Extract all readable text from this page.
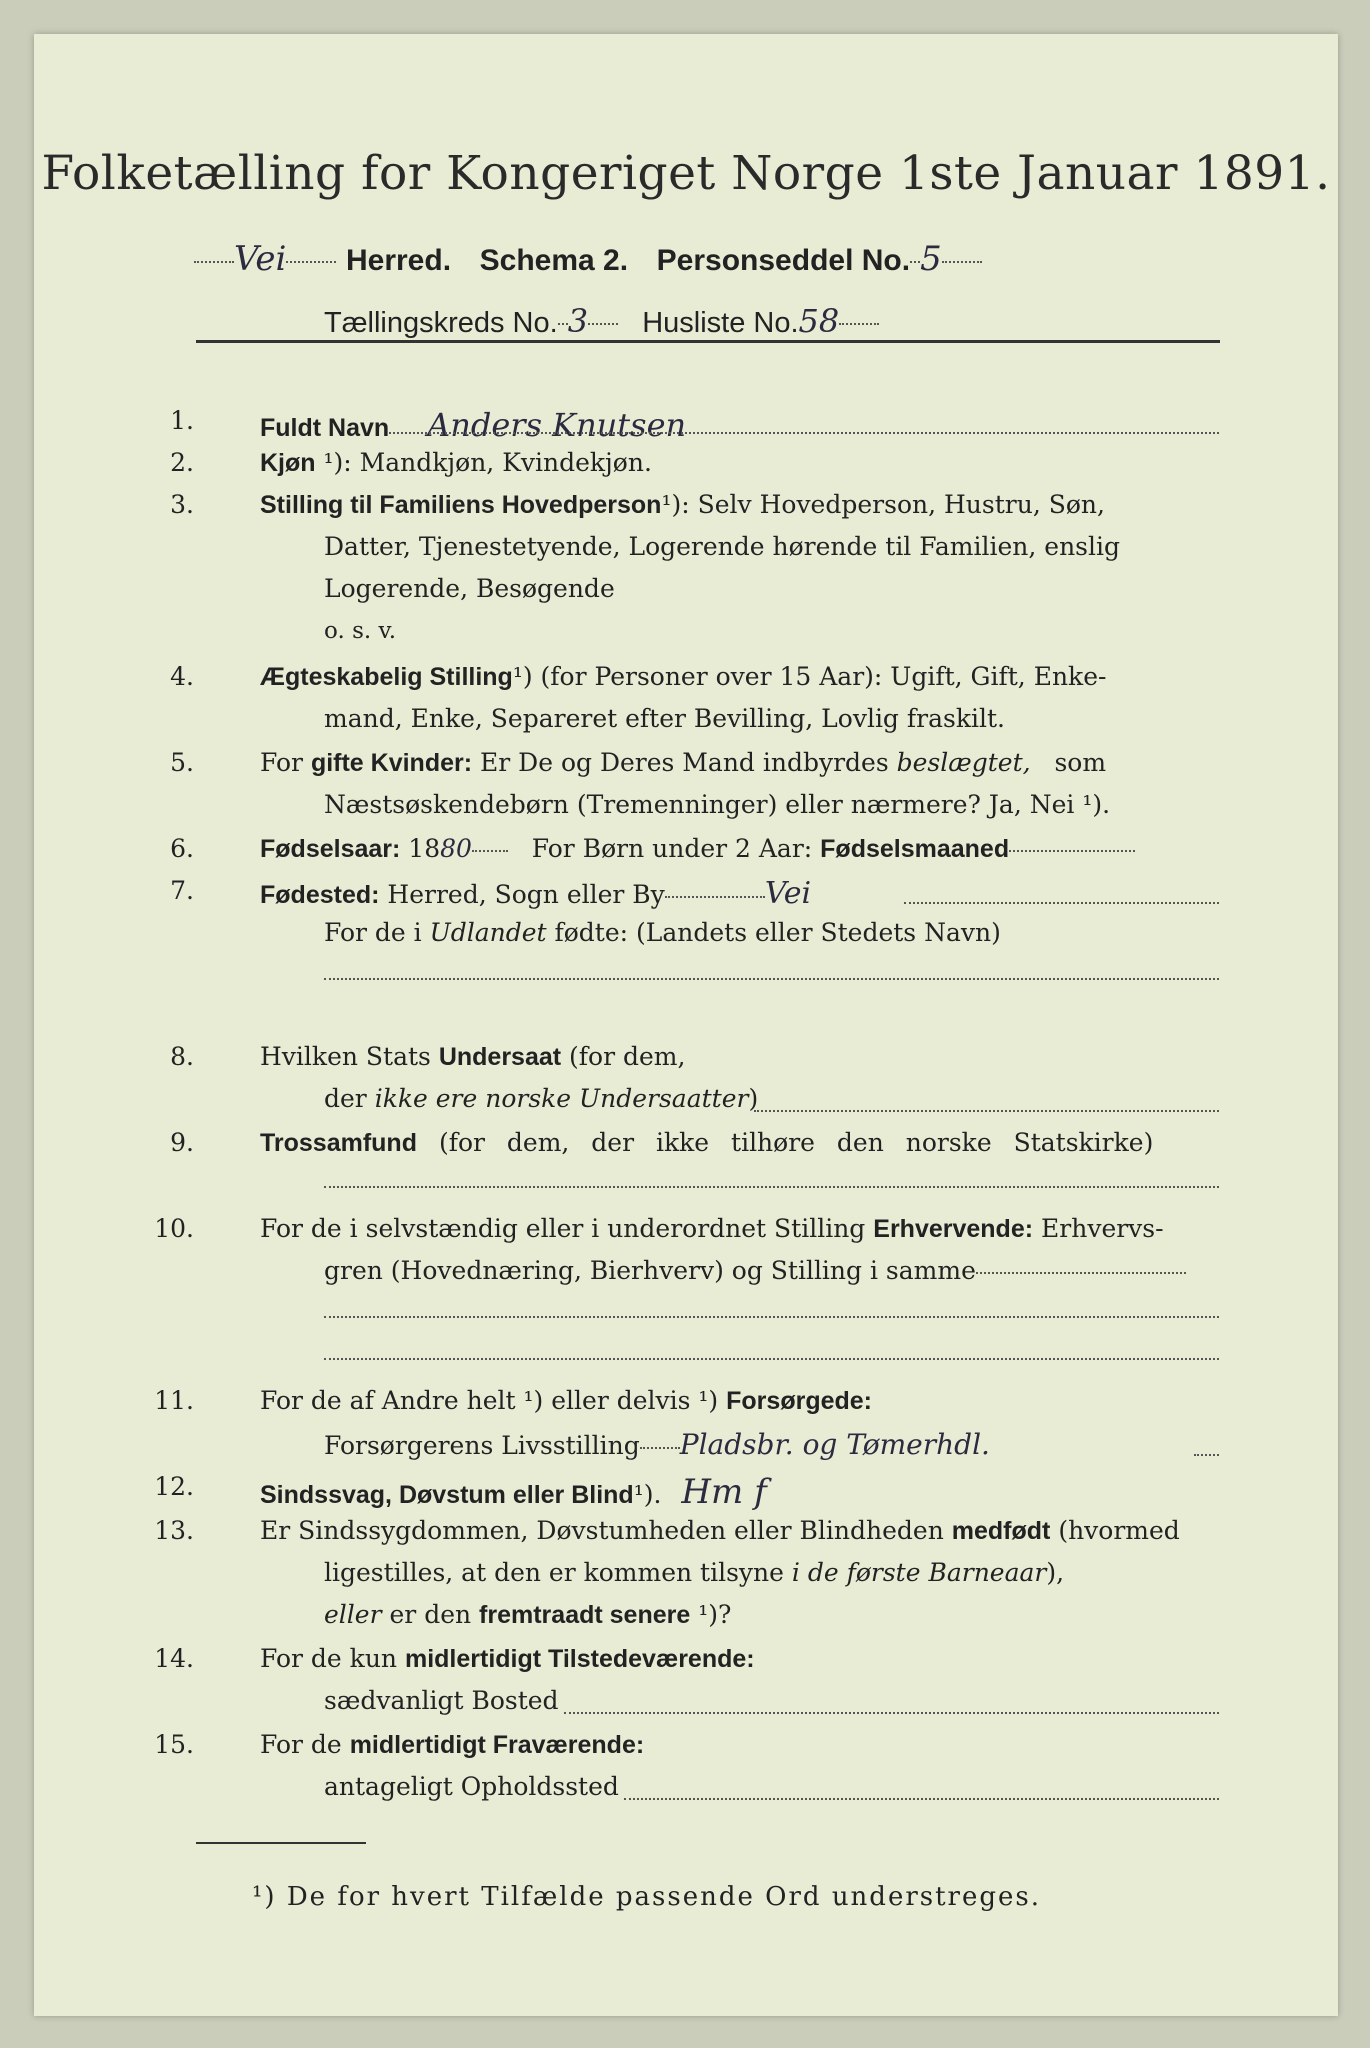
Folketælling for Kongeriget Norge 1ste Januar 1891.
Vei Herred. Schema 2. Personseddel No. 5
Tællingskreds No. 3 Husliste No.58
1.	Fuldt Navn Anders Knutsen
2.	Kjøn ¹): Mandkjøn, Kvindekjøn.
3.	Stilling til Familiens Hovedperson¹): Selv Hovedperson, Hustru, Søn,
Datter, Tjenestetyende, Logerende hørende til Familien, enslig
Logerende, Besøgende
o. s. v.
4.	Ægteskabelig Stilling¹) (for Personer over 15 Aar): Ugift, Gift, Enke-
mand, Enke, Separeret efter Bevilling, Lovlig fraskilt.
5.	For gifte Kvinder: Er De og Deres Mand indbyrdes beslægtet, som
Næstsøskendebørn (Tremenninger) eller nærmere? Ja, Nei ¹).
6.	Fødselsaar: 1880 For Børn under 2 Aar: Fødselsmaaned
7.	Fødested: Herred, Sogn eller By	Vei
For de i Udlandet fødte: (Landets eller Stedets Navn)
8.	Hvilken Stats Undersaat (for dem,
der ikke ere norske Undersaatter)
9.	Trossamfund (for dem, der ikke tilhøre den norske Statskirke)
10.	For de i selvstændig eller i underordnet Stilling Erhvervende: Erhvervs-
gren (Hovednæring, Bierhverv) og Stilling i samme
11.	For de af Andre helt ¹) eller delvis ¹) Forsørgede:
Forsørgerens Livsstilling Pladsbr. og Tømerhdl.
12.	Sindssvag, Døvstum eller Blind¹). Hm f
13.	Er Sindssygdommen, Døvstumheden eller Blindheden medfødt (hvormed
ligestilles, at den er kommen tilsyne i de første Barneaar),
eller er den fremtraadt senere ¹)?
14.	For de kun midlertidigt Tilstedeværende:
sædvanligt Bosted
15.	For de midlertidigt Fraværende:
antageligt Opholdssted
¹) De for hvert Tilfælde passende Ord understreges.
